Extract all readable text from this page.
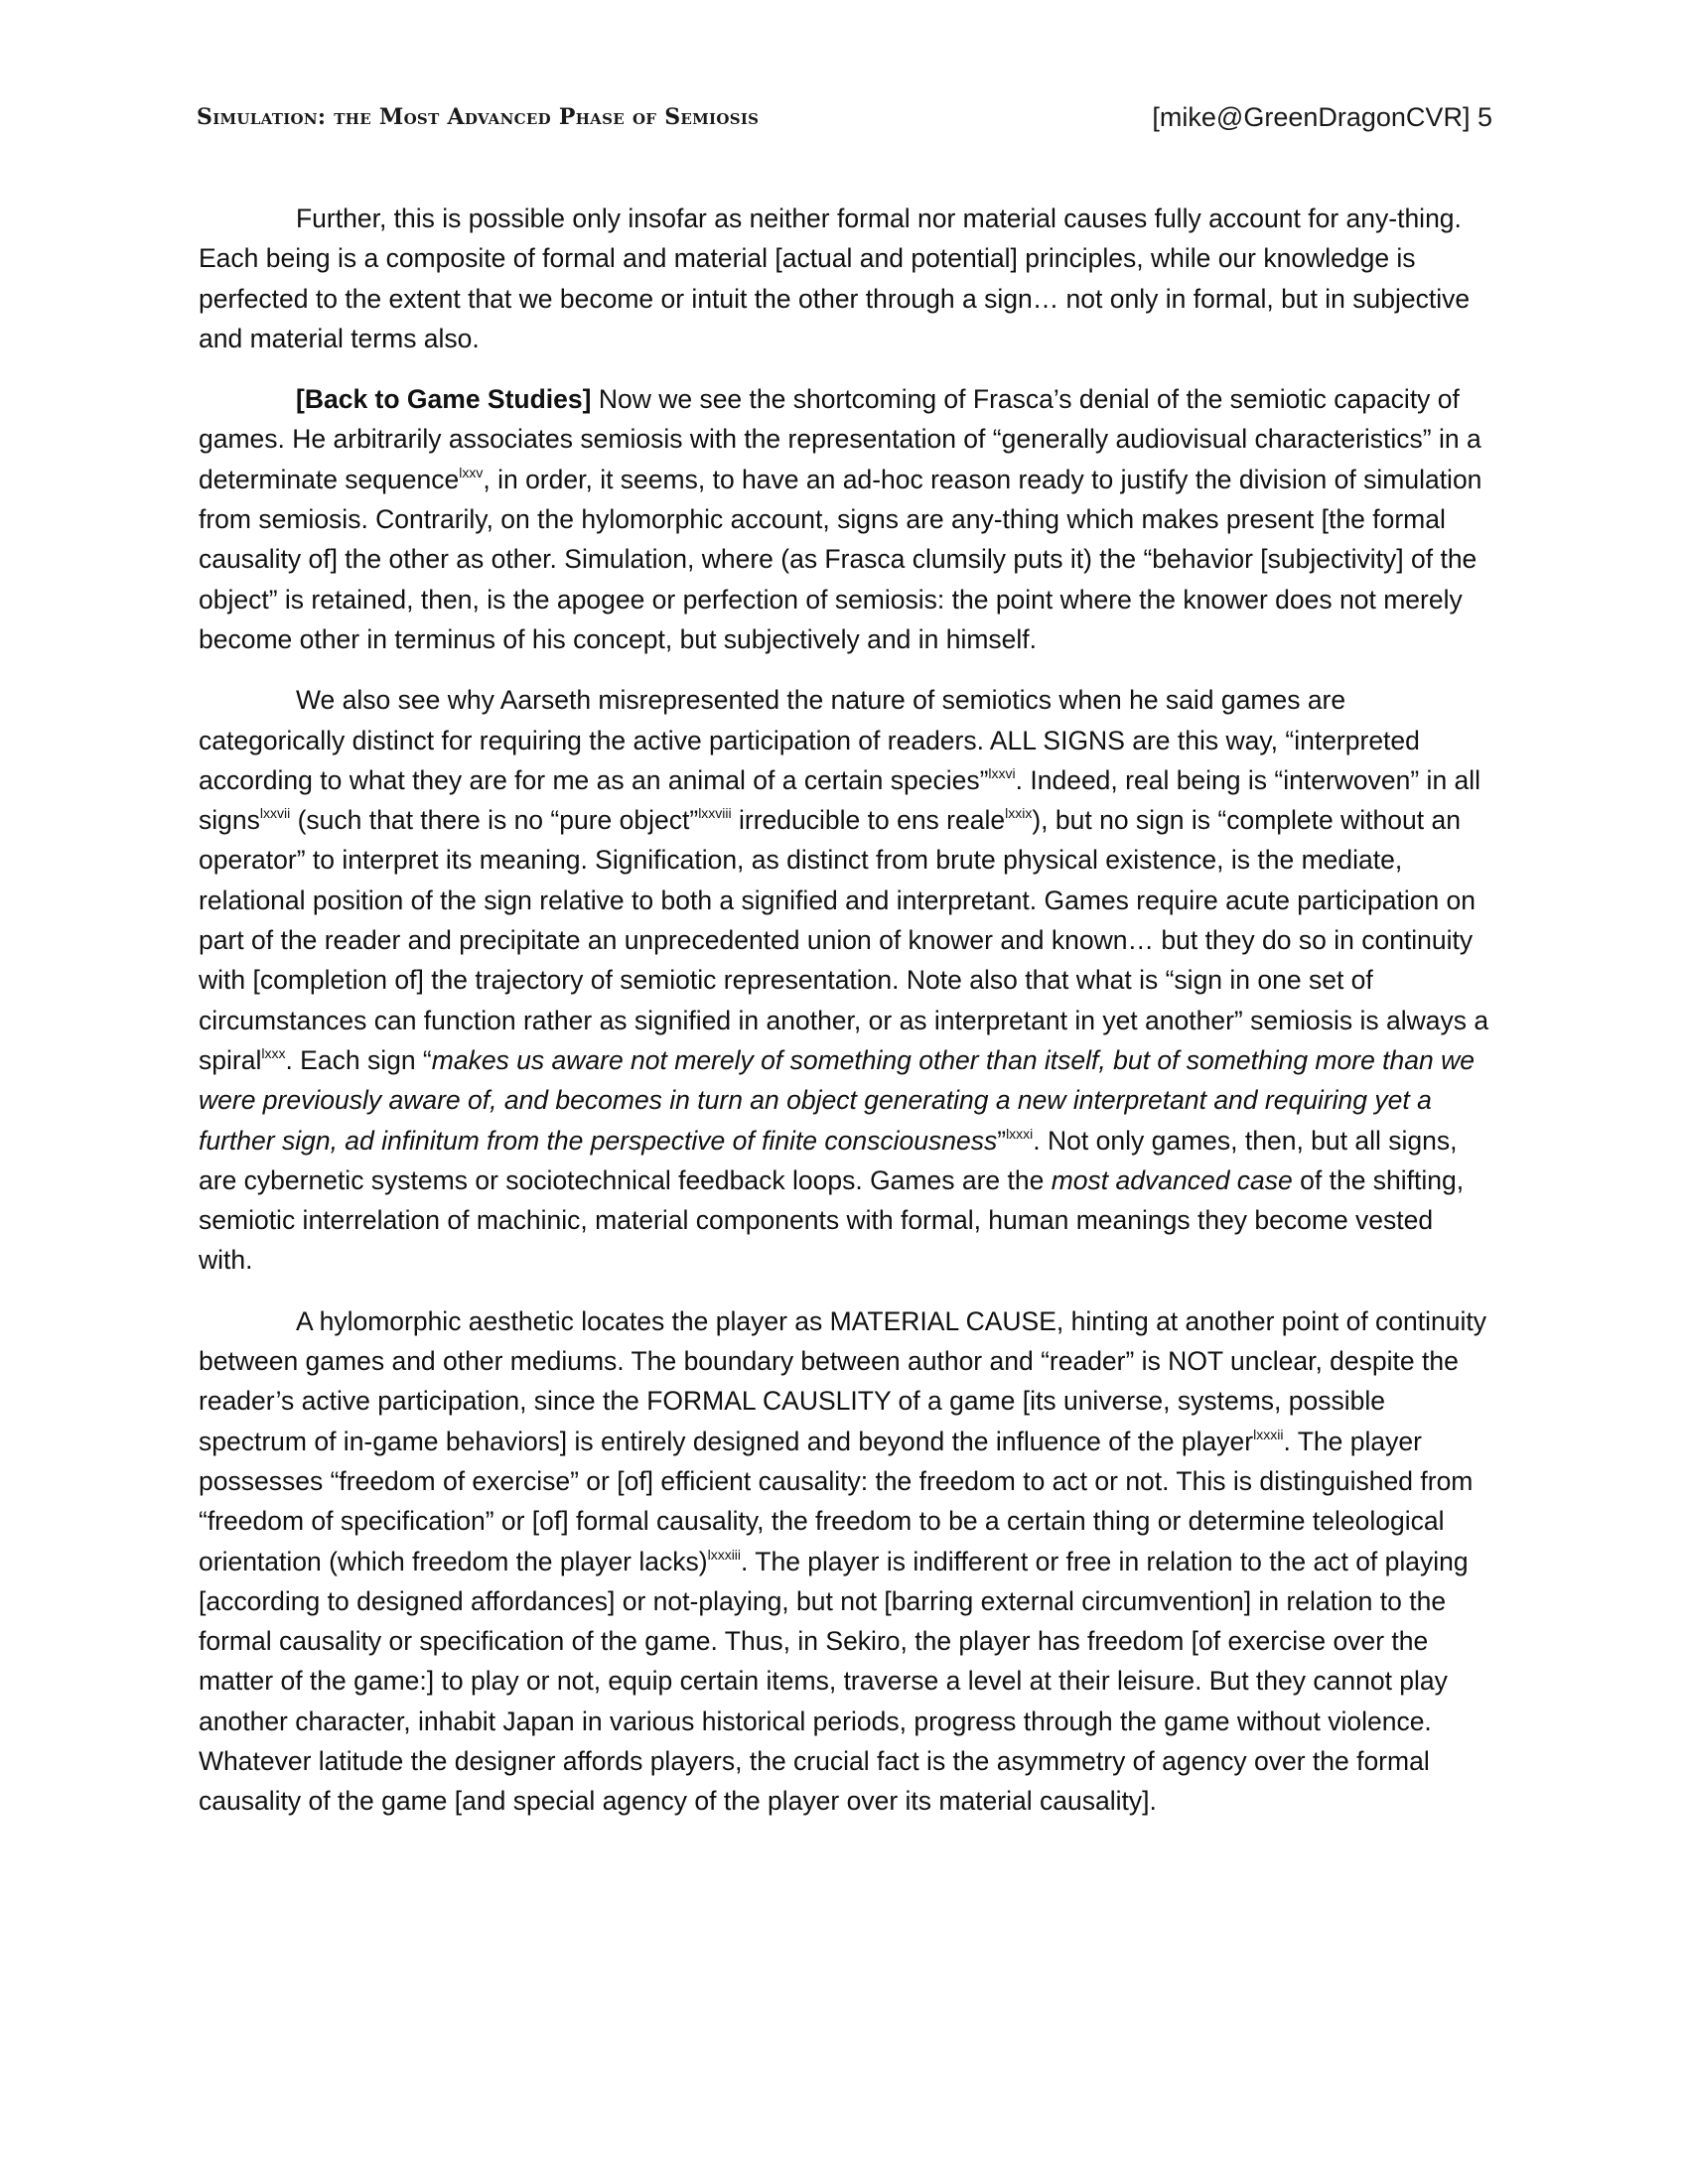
Simulation: the Most Advanced Phase of Semiosis	[mike@GreenDragonCVR] 5

Further, this is possible only insofar as neither formal nor material causes fully account for any-thing. Each being is a composite of formal and material [actual and potential] principles, while our knowledge is perfected to the extent that we become or intuit the other through a sign… not only in formal, but in subjective and material terms also.

[Back to Game Studies] Now we see the shortcoming of Frasca’s denial of the semiotic capacity of games. He arbitrarily associates semiosis with the representation of “generally audiovisual characteristics” in a determinate sequence$^{lxxv}$, in order, it seems, to have an ad-hoc reason ready to justify the division of simulation from semiosis. Contrarily, on the hylomorphic account, signs are any-thing which makes present [the formal causality of] the other as other. Simulation, where (as Frasca clumsily puts it) the “behavior [subjectivity] of the object” is retained, then, is the apogee or perfection of semiosis: the point where the knower does not merely become other in terminus of his concept, but subjectively and in himself.

We also see why Aarseth misrepresented the nature of semiotics when he said games are categorically distinct for requiring the active participation of readers. ALL SIGNS are this way, “interpreted according to what they are for me as an animal of a certain species”$^{lxxvi}$. Indeed, real being is “interwoven” in all signs$^{lxxvii}$ (such that there is no “pure object”$^{lxxviii}$ irreducible to ens reale$^{lxxix}$), but no sign is “complete without an operator” to interpret its meaning. Signification, as distinct from brute physical existence, is the mediate, relational position of the sign relative to both a signified and interpretant. Games require acute participation on part of the reader and precipitate an unprecedented union of knower and known… but they do so in continuity with [completion of] the trajectory of semiotic representation. Note also that what is “sign in one set of circumstances can function rather as signified in another, or as interpretant in yet another” semiosis is always a spiral$^{lxxx}$. Each sign “makes us aware not merely of something other than itself, but of something more than we were previously aware of, and becomes in turn an object generating a new interpretant and requiring yet a further sign, ad infinitum from the perspective of finite consciousness”$^{lxxxi}$. Not only games, then, but all signs, are cybernetic systems or sociotechnical feedback loops. Games are the most advanced case of the shifting, semiotic interrelation of machinic, material components with formal, human meanings they become vested with.

A hylomorphic aesthetic locates the player as MATERIAL CAUSE, hinting at another point of continuity between games and other mediums. The boundary between author and “reader” is NOT unclear, despite the reader’s active participation, since the FORMAL CAUSLITY of a game [its universe, systems, possible spectrum of in-game behaviors] is entirely designed and beyond the influence of the player$^{lxxxii}$. The player possesses “freedom of exercise” or [of] efficient causality: the freedom to act or not. This is distinguished from “freedom of specification” or [of] formal causality, the freedom to be a certain thing or determine teleological orientation (which freedom the player lacks)$^{lxxxiii}$. The player is indifferent or free in relation to the act of playing [according to designed affordances] or not-playing, but not [barring external circumvention] in relation to the formal causality or specification of the game. Thus, in Sekiro, the player has freedom [of exercise over the matter of the game:] to play or not, equip certain items, traverse a level at their leisure. But they cannot play another character, inhabit Japan in various historical periods, progress through the game without violence. Whatever latitude the designer affords players, the crucial fact is the asymmetry of agency over the formal causality of the game [and special agency of the player over its material causality].
